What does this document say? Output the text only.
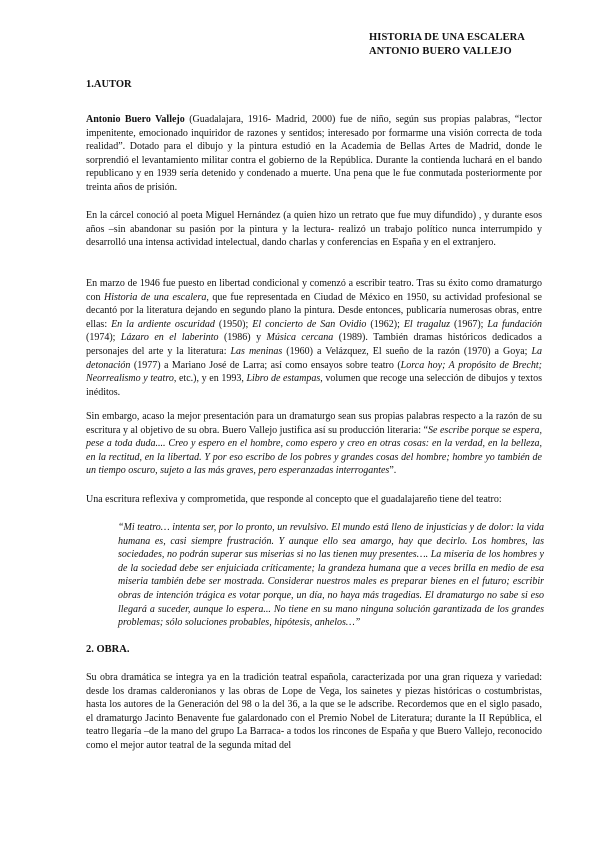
HISTORIA DE UNA ESCALERA
ANTONIO BUERO VALLEJO
1.AUTOR

Antonio Buero Vallejo (Guadalajara, 1916- Madrid, 2000) fue de niño, según sus propias palabras, “lector impenitente, emocionado inquiridor de razones y sentidos; interesado por formarme una visión correcta de toda realidad”. Dotado para el dibujo y la pintura estudió en la Academia de Bellas Artes de Madrid, donde le sorprendió el levantamiento militar contra el gobierno de la República. Durante la contienda luchará en el bando republicano y en 1939 sería detenido y condenado a muerte. Una pena que le fue conmutada posteriormente por treinta años de prisión.

En la cárcel conoció al poeta Miguel Hernández (a quien hizo un retrato que fue muy difundido) , y durante esos años –sin abandonar su pasión por la pintura y la lectura- realizó un trabajo político nunca interrumpido y desarrolló una intensa actividad intelectual, dando charlas y conferencias en España y en el extranjero.

En marzo de 1946 fue puesto en libertad condicional y comenzó a escribir teatro. Tras su éxito como dramaturgo con Historia de una escalera, que fue representada en Ciudad de México en 1950, su actividad profesional se decantó por la literatura dejando en segundo plano la pintura. Desde entonces, publicaría numerosas obras, entre ellas: En la ardiente oscuridad (1950); El concierto de San Ovidio (1962); El tragaluz (1967); La fundación (1974); Lázaro en el laberinto (1986) y Música cercana (1989). También dramas históricos dedicados a personajes del arte y la literatura: Las meninas (1960) a Velázquez, El sueño de la razón (1970) a Goya; La detonación (1977) a Mariano José de Larra; así como ensayos sobre teatro (Lorca hoy; A propósito de Brecht; Neorrealismo y teatro, etc.), y en 1993, Libro de estampas, volumen que recoge una selección de dibujos y textos inéditos.

Sin embargo, acaso la mejor presentación para un dramaturgo sean sus propias palabras respecto a la razón de su escritura y al objetivo de su obra. Buero Vallejo justifica así su producción literaria: “Se escribe porque se espera, pese a toda duda.... Creo y espero en el hombre, como espero y creo en otras cosas: en la verdad, en la belleza, en la rectitud, en la libertad. Y por eso escribo de los pobres y grandes cosas del hombre; hombre yo también de un tiempo oscuro, sujeto a las más graves, pero esperanzadas interrogantes”.

Una escritura reflexiva y comprometida, que responde al concepto que el guadalajareño tiene del teatro:

“Mi teatro… intenta ser, por lo pronto, un revulsivo. El mundo está lleno de injusticias y de dolor: la vida humana es, casi siempre frustración. Y aunque ello sea amargo, hay que decirlo. Los hombres, las sociedades, no podrán superar sus miserias si no las tienen muy presentes…. La miseria de los hombres y de la sociedad debe ser enjuiciada críticamente; la grandeza humana que a veces brilla en medio de esa miseria también debe ser mostrada. Considerar nuestros males es preparar bienes en el futuro; escribir obras de intención trágica es votar porque, un día, no haya más tragedias. El dramaturgo no sabe si eso llegará a suceder, aunque lo espera... No tiene en su mano ninguna solución garantizada de los grandes problemas; sólo soluciones probables, hipótesis, anhelos…”

2. OBRA.

Su obra dramática se integra ya en la tradición teatral española, caracterizada por una gran riqueza y variedad: desde los dramas calderonianos y las obras de Lope de Vega, los sainetes y piezas históricas o costumbristas, hasta los autores de la Generación del 98 o la del 36, a la que se le adscribe. Recordemos que en el siglo pasado, el dramaturgo Jacinto Benavente fue galardonado con el Premio Nobel de Literatura; durante la II República, el teatro llegaría –de la mano del grupo La Barraca- a todos los rincones de España y que Buero Vallejo, reconocido como el mejor autor teatral de la segunda mitad del
